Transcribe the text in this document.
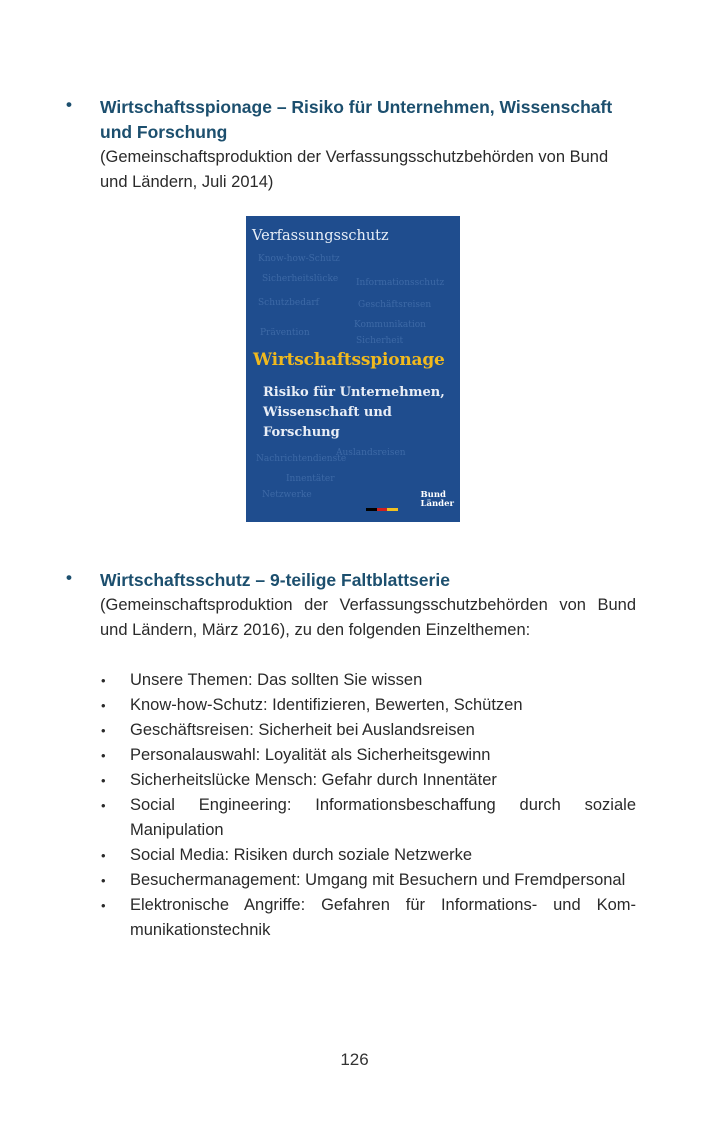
• Wirtschaftsspionage – Risiko für Unternehmen, Wissenschaft und Forschung
(Gemeinschaftsproduktion der Verfassungsschutzbehörden von Bund und Ländern, Juli 2014)
Know-how-Schutz
Sicherheitslücke Informationsschutz
Schutzbedarf	Geschäftsreisen
Kommunikation
Prävention
Sicherheit
Nachrichtendienste
Auslandsreisen
Innentäter
Netzwerke
Verfassungsschutz
Wirtschaftsspionage
Risiko für Unternehmen, Wissenschaft und Forschung
Bund
Länder
• Wirtschaftsschutz – 9-teilige Faltblattserie
(Gemeinschaftsproduktion der Verfassungsschutzbehörden von Bund und Ländern, März 2016), zu den folgenden Einzelthemen:
• Unsere Themen: Das sollten Sie wissen
• Know-how-Schutz: Identifizieren, Bewerten, Schützen
• Geschäftsreisen: Sicherheit bei Auslandsreisen
• Personalauswahl: Loyalität als Sicherheitsgewinn
• Sicherheitslücke Mensch: Gefahr durch Innentäter
• Social Engineering: Informationsbeschaffung durch soziale Manipulation
• Social Media: Risiken durch soziale Netzwerke
• Besuchermanagement: Umgang mit Besuchern und Fremdpersonal
• Elektronische Angriffe: Gefahren für Informations- und Kommunikationstechnik
126
